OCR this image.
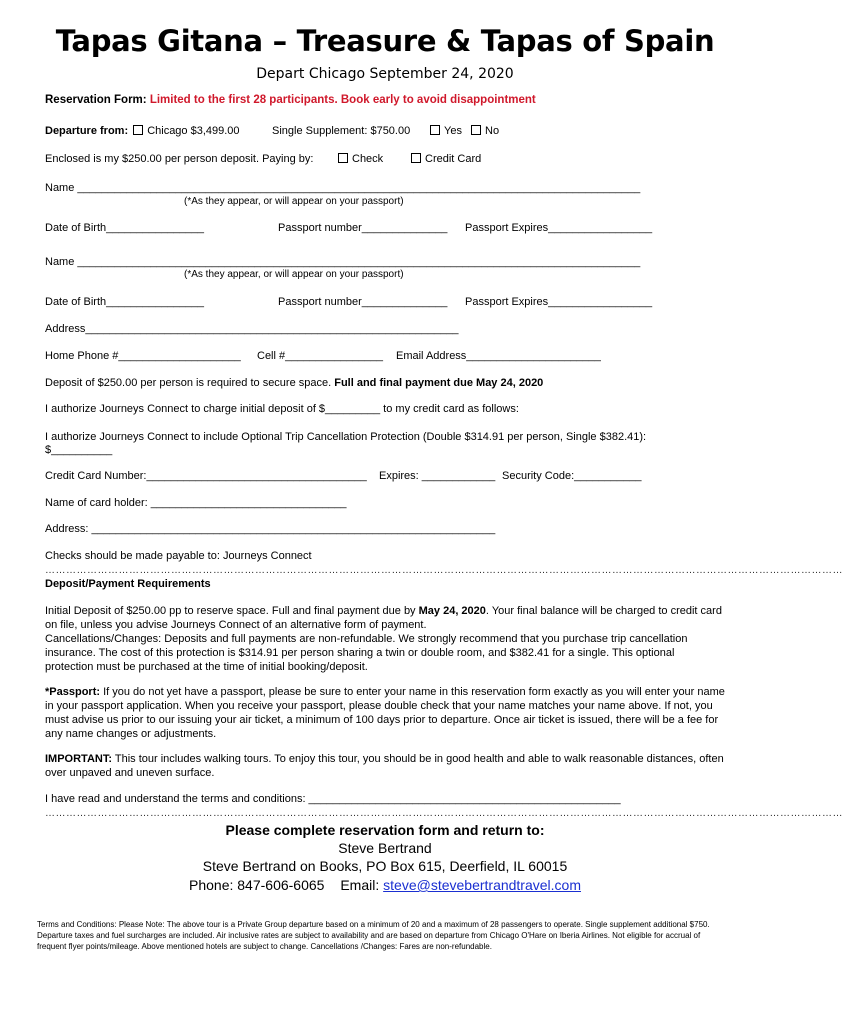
Tapas Gitana – Treasure & Tapas of Spain
Depart Chicago September 24, 2020
Reservation Form: Limited to the first 28 participants. Book early to avoid disappointment
Departure from: Chicago $3,499.00	Single Supplement: $750.00	Yes No
Enclosed is my $250.00 per person deposit. Paying by:	Check	Credit Card
Name ____________________________________________________________________________________________
(*As they appear, or will appear on your passport)
Date of Birth________________	Passport number______________ Passport Expires_________________
Name ____________________________________________________________________________________________
(*As they appear, or will appear on your passport)
Date of Birth________________	Passport number______________ Passport Expires_________________
Address_____________________________________________________________
Home Phone #____________________ Cell #________________ Email Address______________________
Deposit of $250.00 per person is required to secure space. Full and final payment due May 24, 2020
I authorize Journeys Connect to charge initial deposit of $_________ to my credit card as follows:
I authorize Journeys Connect to include Optional Trip Cancellation Protection (Double $314.91 per person, Single $382.41):
$__________
Credit Card Number:____________________________________ Expires: ____________ Security Code:___________
Name of card holder: ________________________________
Address: __________________________________________________________________
Checks should be made payable to: Journeys Connect
…………………………………………………………………………………………………………………………………………………………………………………………………………
Deposit/Payment Requirements
Initial Deposit of $250.00 pp to reserve space. Full and final payment due by May 24, 2020. Your final balance will be charged to credit card on file, unless you advise Journeys Connect of an alternative form of payment.
Cancellations/Changes: Deposits and full payments are non-refundable. We strongly recommend that you purchase trip cancellation insurance. The cost of this protection is $314.91 per person sharing a twin or double room, and $382.41 for a single. This optional protection must be purchased at the time of initial booking/deposit.
*Passport: If you do not yet have a passport, please be sure to enter your name in this reservation form exactly as you will enter your name in your passport application. When you receive your passport, please double check that your name matches your name above. If not, you must advise us prior to our issuing your air ticket, a minimum of 100 days prior to departure. Once air ticket is issued, there will be a fee for any name changes or adjustments.
IMPORTANT: This tour includes walking tours. To enjoy this tour, you should be in good health and able to walk reasonable distances, often over unpaved and uneven surface.
I have read and understand the terms and conditions: ___________________________________________________
…………………………………………………………………………………………………………………………………………………………………………………………………………
Please complete reservation form and return to:
Steve Bertrand
Steve Bertrand on Books, PO Box 615, Deerfield, IL 60015
Phone: 847-606-6065 Email: steve@stevebertrandtravel.com
Terms and Conditions: Please Note: The above tour is a Private Group departure based on a minimum of 20 and a maximum of 28 passengers to operate. Single supplement additional $750. Departure taxes and fuel surcharges are included. Air inclusive rates are subject to availability and are based on departure from Chicago O'Hare on Iberia Airlines. Not eligible for accrual of frequent flyer points/mileage. Above mentioned hotels are subject to change. Cancellations /Changes: Fares are non-refundable.
